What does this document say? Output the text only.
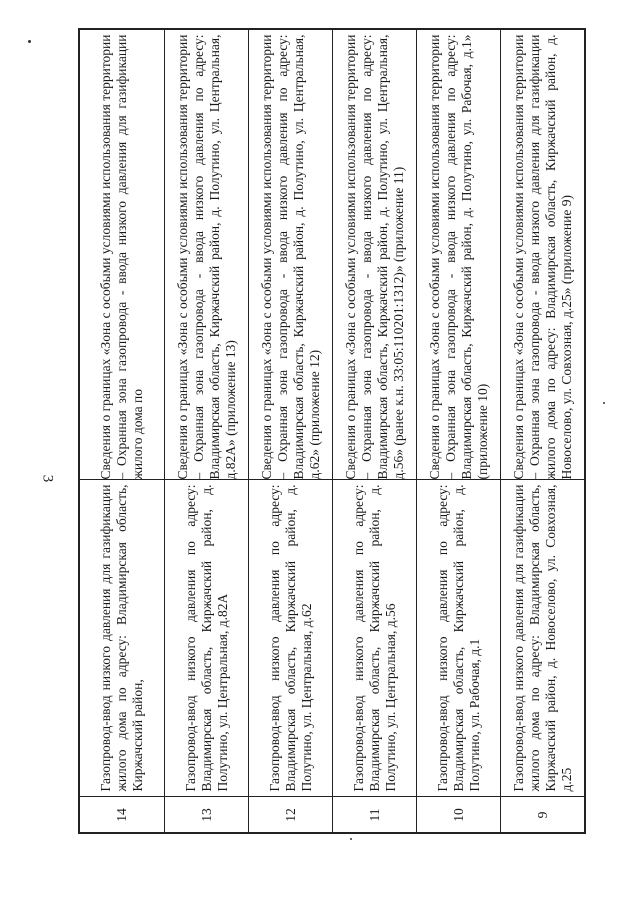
3	Сведения о границах «Зона с особыми условиями использования территории – Охранная зона газопровода - ввода низкого давления для газификации жилого дома по адресу: Владимирская область, Киржачский район, д. Новоселово, ул. Совхозная, д.25» (приложение 9)
Газопровод-ввод низкого давления для газификации жилого дома по адресу: Владимирская область, Киржачский район, д. Новоселово, ул. Совхозная, д.25
9
Сведения о границах «Зона с особыми условиями использования территории – Охранная зона газопровода - ввода низкого давления по адресу: Владимирская область, Киржачский район, д. Полутино, ул. Рабочая, д.1» (приложение 10)
Газопровод-ввод низкого давления по адресу: Владимирская область, Киржачский район, д. Полутино, ул. Рабочая, д.1
10
Сведения о границах «Зона с особыми условиями использования территории – Охранная зона газопровода - ввода низкого давления по адресу: Владимирская область, Киржачский район, д. Полутино, ул. Центральная, д.56» (ранее к.н. 33:05:110201:1312)» (приложение 11)
Газопровод-ввод низкого давления по адресу: Владимирская область, Киржачский район, д. Полутино, ул. Центральная, д.56
11
Сведения о границах «Зона с особыми условиями использования территории – Охранная зона газопровода - ввода низкого давления по адресу: Владимирская область, Киржачский район, д. Полутино, ул. Центральная, д.62» (приложение 12)
Газопровод-ввод низкого давления по адресу: Владимирская область, Киржачский район, д. Полутино, ул. Центральная, д.62
12
Сведения о границах «Зона с особыми условиями использования территории – Охранная зона газопровода - ввода низкого давления по адресу: Владимирская область, Киржачский район, д. Полутино, ул. Центральная, д.82А» (приложение 13)
Газопровод-ввод низкого давления по адресу: Владимирская область, Киржачский район, д. Полутино, ул. Центральная, д.82А
13
Сведения о границах «Зона с особыми условиями использования территории – Охранная зона газопровода - ввода низкого давления для газификации жилого дома по
Газопровод-ввод низкого давления для газификации жилого дома по адресу: Владимирская область, Киржачский район,
14
